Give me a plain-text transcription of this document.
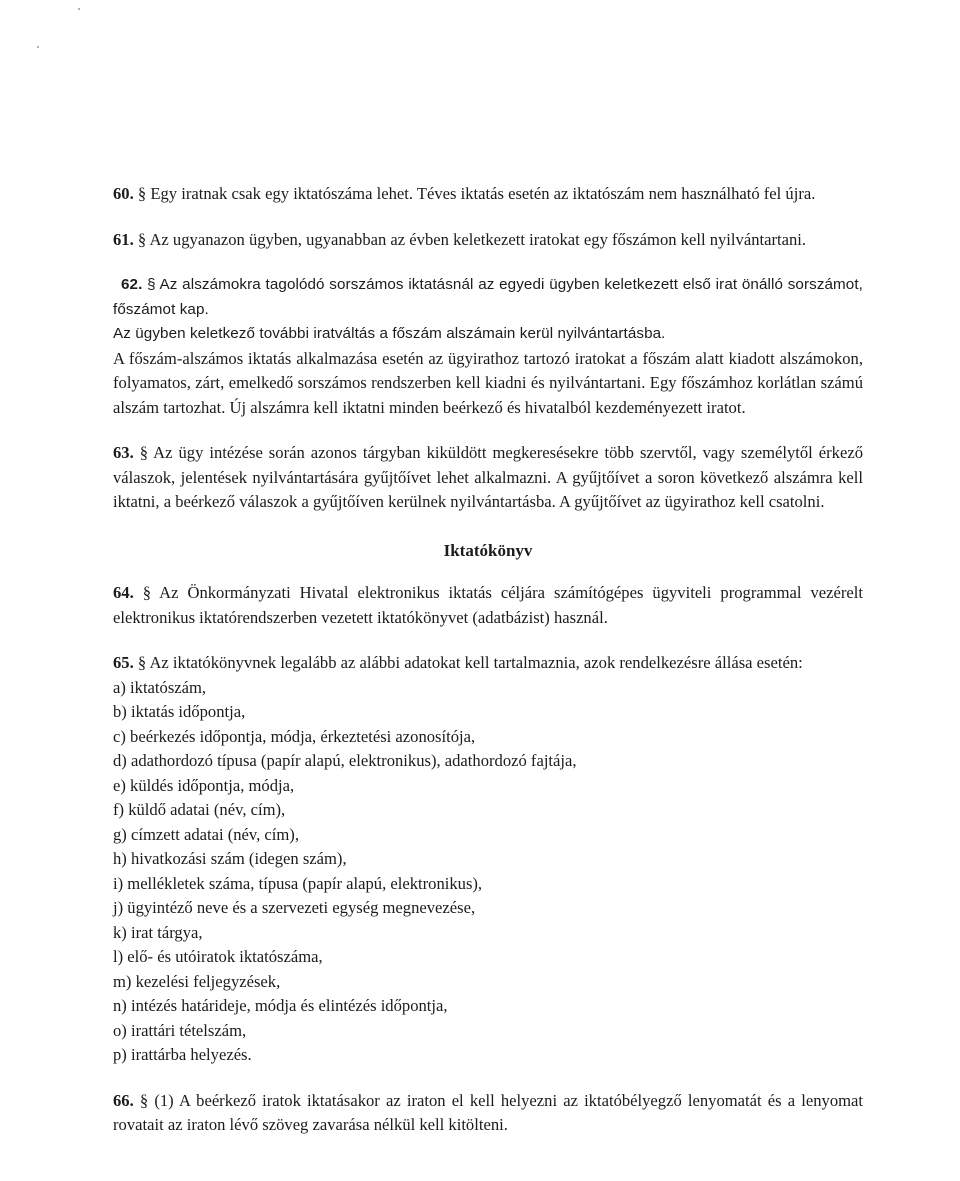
60. § Egy iratnak csak egy iktatószáma lehet. Téves iktatás esetén az iktatószám nem használható fel újra.

61. § Az ugyanazon ügyben, ugyanabban az évben keletkezett iratokat egy főszámon kell nyilvántartani.

62. § Az alszámokra tagolódó sorszámos iktatásnál az egyedi ügyben keletkezett első irat önálló sorszámot, főszámot kap.

Az ügyben keletkező további iratváltás a főszám alszámain kerül nyilvántartásba.

A főszám-alszámos iktatás alkalmazása esetén az ügyirathoz tartozó iratokat a főszám alatt kiadott alszámokon, folyamatos, zárt, emelkedő sorszámos rendszerben kell kiadni és nyilvántartani. Egy főszámhoz korlátlan számú alszám tartozhat. Új alszámra kell iktatni minden beérkező és hivatalból kezdeményezett iratot.

63. § Az ügy intézése során azonos tárgyban kiküldött megkeresésekre több szervtől, vagy személytől érkező válaszok, jelentések nyilvántartására gyűjtőívet lehet alkalmazni. A gyűjtőívet a soron következő alszámra kell iktatni, a beérkező válaszok a gyűjtőíven kerülnek nyilvántartásba. A gyűjtőívet az ügyirathoz kell csatolni.

Iktatókönyv

64. § Az Önkormányzati Hivatal elektronikus iktatás céljára számítógépes ügyviteli programmal vezérelt elektronikus iktatórendszerben vezetett iktatókönyvet (adatbázist) használ.

65. § Az iktatókönyvnek legalább az alábbi adatokat kell tartalmaznia, azok rendelkezésre állása esetén:

a) iktatószám,
b) iktatás időpontja,
c) beérkezés időpontja, módja, érkeztetési azonosítója,
d) adathordozó típusa (papír alapú, elektronikus), adathordozó fajtája,
e) küldés időpontja, módja,
f) küldő adatai (név, cím),
g) címzett adatai (név, cím),
h) hivatkozási szám (idegen szám),
i) mellékletek száma, típusa (papír alapú, elektronikus),
j) ügyintéző neve és a szervezeti egység megnevezése,
k) irat tárgya,
l) elő- és utóiratok iktatószáma,
m) kezelési feljegyzések,
n) intézés határideje, módja és elintézés időpontja,
o) irattári tételszám,
p) irattárba helyezés.

66. § (1) A beérkező iratok iktatásakor az iraton el kell helyezni az iktatóbélyegző lenyomatát és a lenyomat rovatait az iraton lévő szöveg zavarása nélkül kell kitölteni.
